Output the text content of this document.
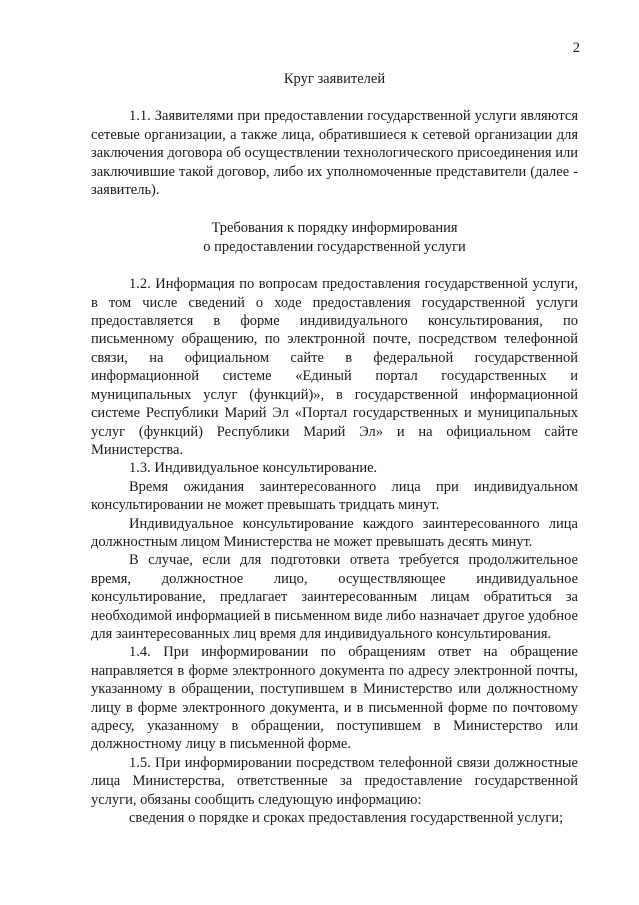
2
Круг заявителей

1.1. Заявителями при предоставлении государственной услуги являются сетевые организации, а также лица, обратившиеся к сетевой организации для заключения договора об осуществлении технологического присоединения или заключившие такой договор, либо их уполномоченные представители (далее - заявитель).

Требования к порядку информирования
о предоставлении государственной услуги

1.2. Информация по вопросам предоставления государственной услуги, в том числе сведений о ходе предоставления государственной услуги предоставляется в форме индивидуального консультирования, по письменному обращению, по электронной почте, посредством телефонной связи, на официальном сайте в федеральной государственной информационной системе «Единый портал государственных и муниципальных услуг (функций)», в государственной информационной системе Республики Марий Эл «Портал государственных и муниципальных услуг (функций) Республики Марий Эл» и на официальном сайте Министерства.

1.3. Индивидуальное консультирование.

Время ожидания заинтересованного лица при индивидуальном консультировании не может превышать тридцать минут.

Индивидуальное консультирование каждого заинтересованного лица должностным лицом Министерства не может превышать десять минут.

В случае, если для подготовки ответа требуется продолжительное время, должностное лицо, осуществляющее индивидуальное консультирование, предлагает заинтересованным лицам обратиться за необходимой информацией в письменном виде либо назначает другое удобное для заинтересованных лиц время для индивидуального консультирования.

1.4. При информировании по обращениям ответ на обращение направляется в форме электронного документа по адресу электронной почты, указанному в обращении, поступившем в Министерство или должностному лицу в форме электронного документа, и в письменной форме по почтовому адресу, указанному в обращении, поступившем в Министерство или должностному лицу в письменной форме.

1.5. При информировании посредством телефонной связи должностные лица Министерства, ответственные за предоставление государственной услуги, обязаны сообщить следующую информацию:

сведения о порядке и сроках предоставления государственной услуги;
